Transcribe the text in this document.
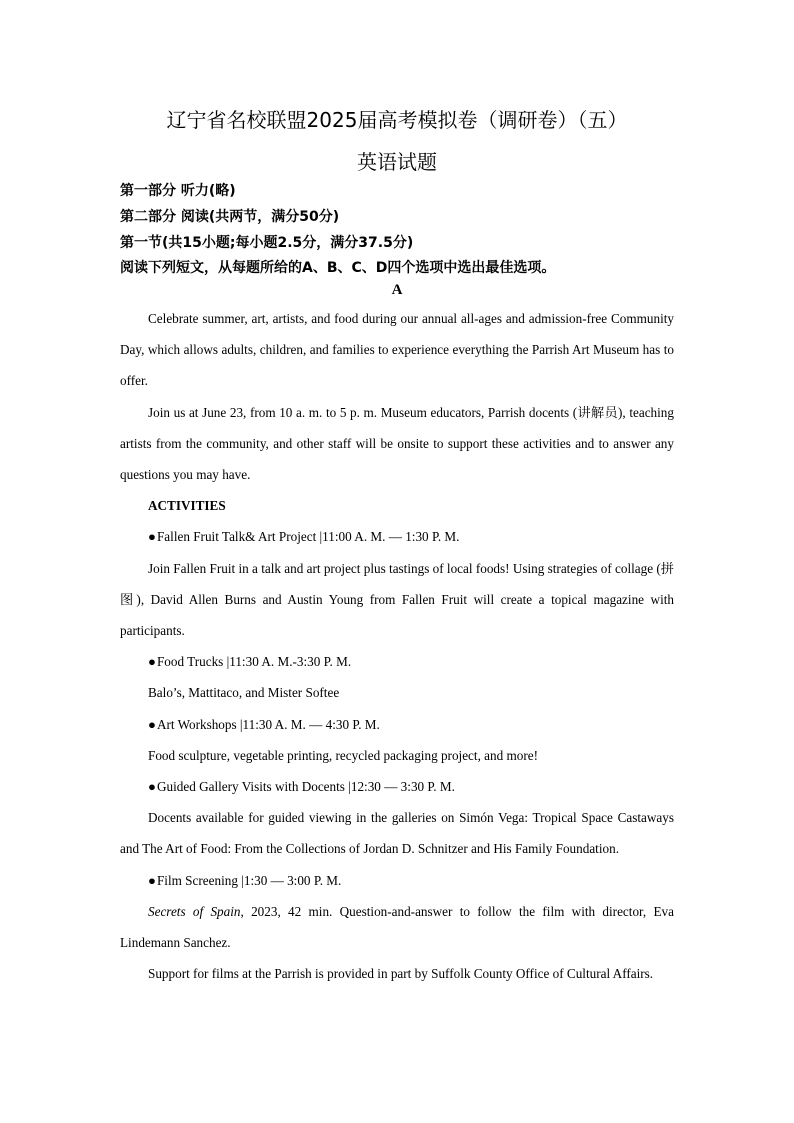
辽宁省名校联盟2025届高考模拟卷（调研卷）（五）
英语试题

第一部分 听力(略)

第二部分 阅读(共两节，满分50分)

第一节(共15小题;每小题2.5分，满分37.5分)

阅读下列短文，从每题所给的A、B、C、D四个选项中选出最佳选项。

A

Celebrate summer, art, artists, and food during our annual all-ages and admission-free Community Day, which allows adults, children, and families to experience everything the Parrish Art Museum has to offer.

Join us at June 23, from 10 a. m. to 5 p. m. Museum educators, Parrish docents (讲解员), teaching artists from the community, and other staff will be onsite to support these activities and to answer any questions you may have.

ACTIVITIES

●Fallen Fruit Talk& Art Project |11:00 A. M. — 1:30 P. M.

Join Fallen Fruit in a talk and art project plus tastings of local foods! Using strategies of collage (拼图), David Allen Burns and Austin Young from Fallen Fruit will create a topical magazine with participants.

●Food Trucks |11:30 A. M.-3:30 P. M.

Balo’s, Mattitaco, and Mister Softee

●Art Workshops |11:30 A. M. — 4:30 P. M.

Food sculpture, vegetable printing, recycled packaging project, and more!

●Guided Gallery Visits with Docents |12:30 — 3:30 P. M.

Docents available for guided viewing in the galleries on Simón Vega: Tropical Space Castaways and The Art of Food: From the Collections of Jordan D. Schnitzer and His Family Foundation.

●Film Screening |1:30 — 3:00 P. M.

Secrets of Spain, 2023, 42 min. Question-and-answer to follow the film with director, Eva Lindemann Sanchez.

Support for films at the Parrish is provided in part by Suffolk County Office of Cultural Affairs.
